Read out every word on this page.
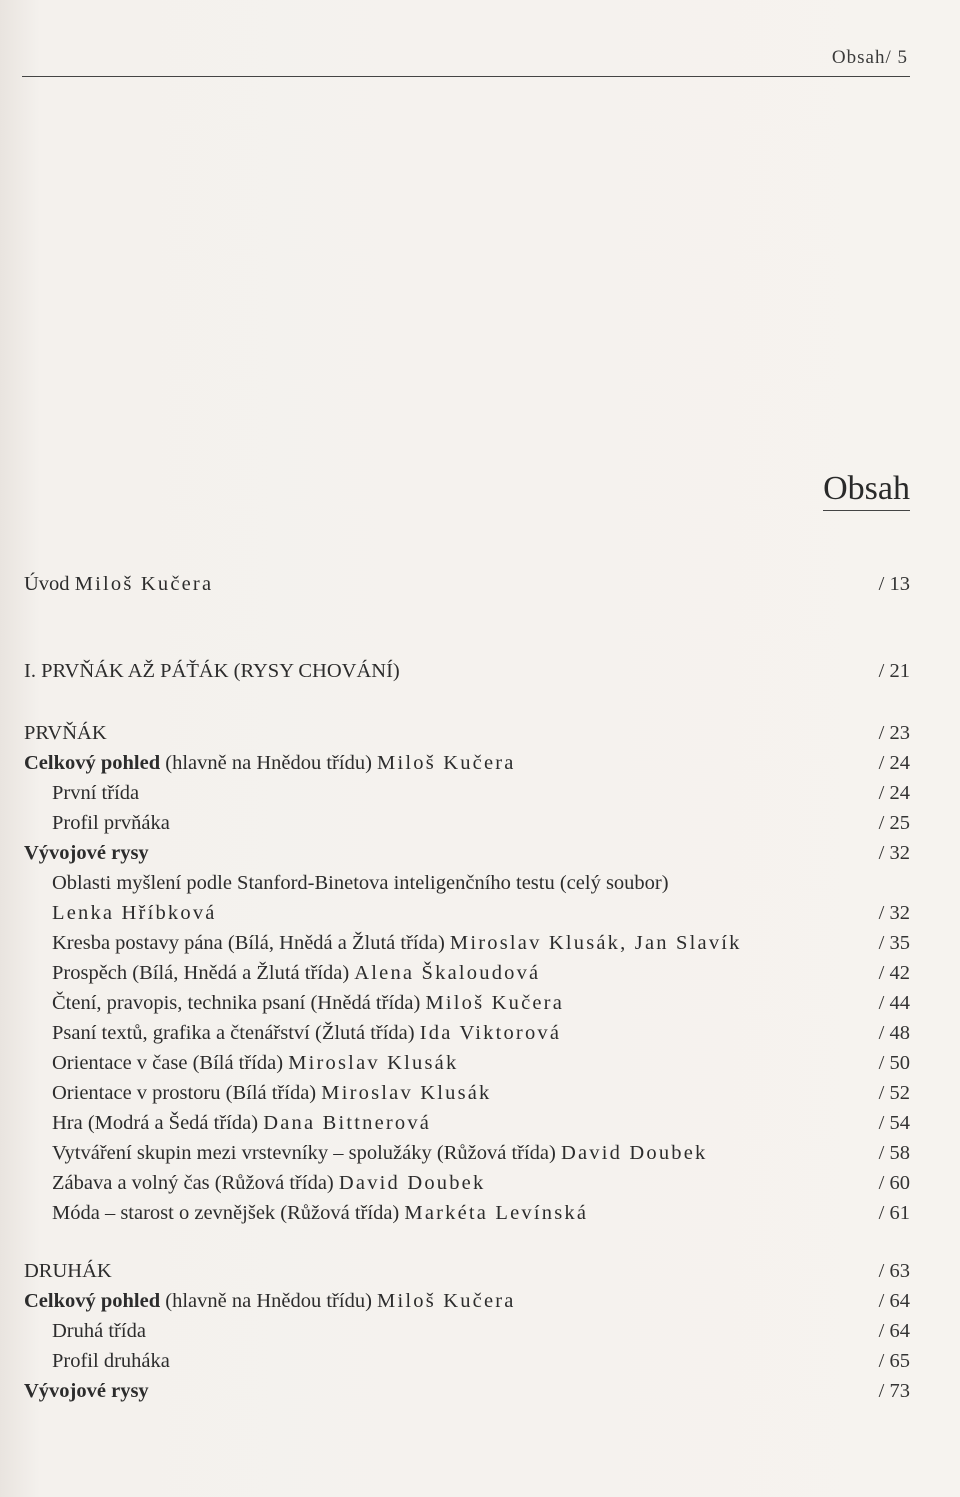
Obsah/ 5
Obsah
Úvod Miloš Kučera	/ 13
I. PRVŇÁK AŽ PÁŤÁK (RYSY CHOVÁNÍ)	/ 21
PRVŇÁK	/ 23
Celkový pohled (hlavně na Hnědou třídu) Miloš Kučera	/ 24
První třída	/ 24
Profil prvňáka	/ 25
Vývojové rysy	/ 32
Oblasti myšlení podle Stanford-Binetova inteligenčního testu (celý soubor)
Lenka Hříbková	/ 32
Kresba postavy pána (Bílá, Hnědá a Žlutá třída) Miroslav Klusák, Jan Slavík	/ 35
Prospěch (Bílá, Hnědá a Žlutá třída) Alena Škaloudová	/ 42
Čtení, pravopis, technika psaní (Hnědá třída) Miloš Kučera	/ 44
Psaní textů, grafika a čtenářství (Žlutá třída) Ida Viktorová	/ 48
Orientace v čase (Bílá třída) Miroslav Klusák	/ 50
Orientace v prostoru (Bílá třída) Miroslav Klusák	/ 52
Hra (Modrá a Šedá třída) Dana Bittnerová	/ 54
Vytváření skupin mezi vrstevníky – spolužáky (Růžová třída) David Doubek	/ 58
Zábava a volný čas (Růžová třída) David Doubek	/ 60
Móda – starost o zevnějšek (Růžová třída) Markéta Levínská	/ 61
DRUHÁK	/ 63
Celkový pohled (hlavně na Hnědou třídu) Miloš Kučera	/ 64
Druhá třída	/ 64
Profil druháka	/ 65
Vývojové rysy	/ 73
